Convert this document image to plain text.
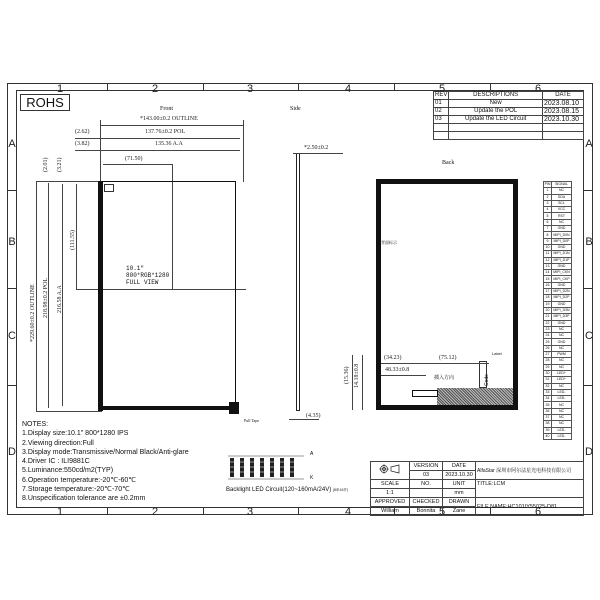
1	2	3	4	5	6
1	2	3	4	5	6
A
B
C
D
A
B
C
D
ROHS	Front	Side
Back
*143.00±0.2 OUTLINE
137.76±0.2 POL
(2.62)
135.36 A.A
(3.82)
(71.50)
*229.60±0.2 OUTLINE 218.98±0.2 POL 216.58 A.A
(111.55)
(2.01) (3.21)
10.1"
800*RGB*1280
FULL VIEW
Pull Tape
*2.50±0.2
(4.35)
背面标示
Code
Label
(34.23)	(75.12)
48.33±0.8
插入方向
(15.36) 14.18±0.8
REV	DESCRIPTIONS	DATE
01	New	2023.08.10
02	Update the POL	2023.08.15
03	Update the LED Circuit	2023.10.30

PIN	SIGNAL
1	NC
2	SDA
3	SCL
4	VCC
5	RST
6	NC
7	GND
8	MIPI_D0N
9	MIPI_D0P
10	GND
11	MIPI_D1N
12	MIPI_D1P
13	GND
14	MIPI_CKN
15	MIPI_CKP
16	GND
17	MIPI_D2N
18	MIPI_D2P
19	GND
20	MIPI_D3N
21	MIPI_D3P
22	GND
23	NC
24	NC
25	GND
26	NC
27	PWM
28	NC
29	NC
30	LED+
31	LED+
32	NC
33	LED-
34	LED-
35	NC
36	NC
37	NC
38	NC
39	LED-
40	LED-
NOTES:
1.Display size:10.1" 800*1280 IPS
2.Viewing direction:Full
3.Display mode:Transmissive/Normal Black/Anti-glare
4.Driver IC : ILI9881C
5.Luminance:550cd/m2(TYP)
6.Operation temperature:-20℃-60℃
7.Storage temperature:-20℃-70℃
8.Unspecification tolerance are ±0.2mm
A
K
Backlight LED Circuit(120~160mA/24V) (8串16并)
	VERSION	DATE	AlfaStar 深圳市阿尔法星光电科技有限公司
	03	2023.10.30	
SCALE	NO.	UNIT	TITLE:LCM
1:1		mm	
APPROVED	CHECKED	DRAWN	FILE NAME:HC101IY55025-D81
William	Bonnita	Zane	
